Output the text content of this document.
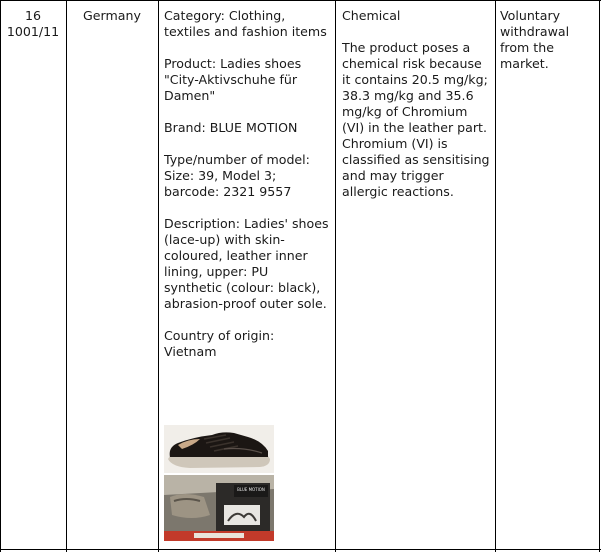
16
1001/11
Germany	Category: Clothing, textiles and fashion items

Product: Ladies shoes "City-Aktivschuhe für Damen"

Brand: BLUE MOTION

Type/number of model: Size: 39, Model 3; barcode: 2321 9557

Description: Ladies' shoes (lace-up) with skin-coloured, leather inner lining, upper: PU synthetic (colour: black), abrasion-proof outer sole.

Country of origin: Vietnam

BLUE MOTION

Chemical

The product poses a chemical risk because it contains 20.5 mg/kg; 38.3 mg/kg and 35.6 mg/kg of Chromium (VI) in the leather part. Chromium (VI) is classified as sensitising and may trigger allergic reactions.

Voluntary withdrawal from the market.
